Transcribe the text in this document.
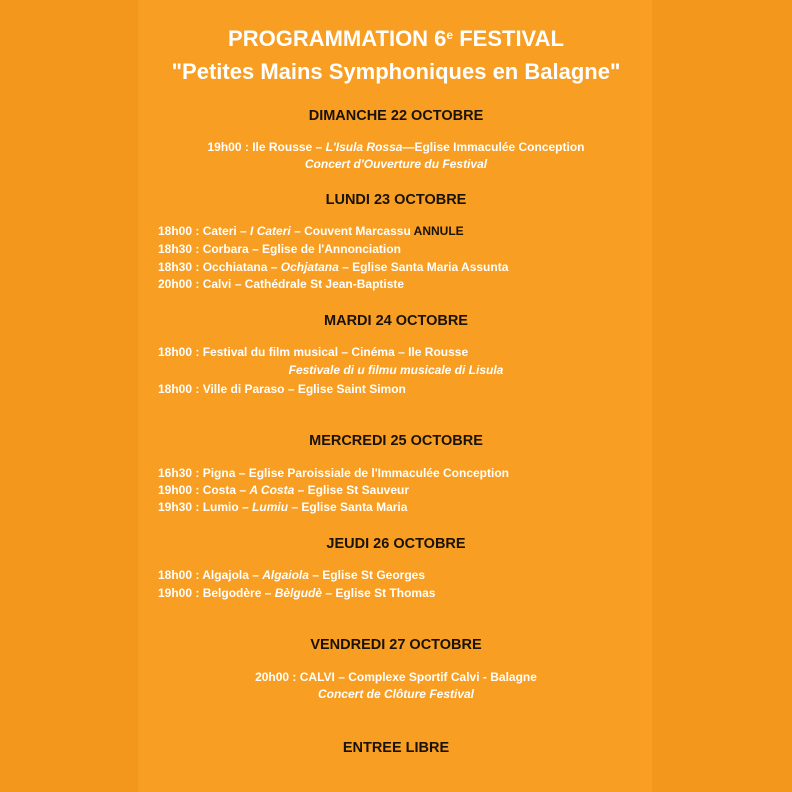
PROGRAMMATION 6e FESTIVAL
"Petites Mains Symphoniques en Balagne"
DIMANCHE 22 OCTOBRE
19h00 : Ile Rousse – L'Isula Rossa—Eglise Immaculée Conception
Concert d'Ouverture du Festival
LUNDI 23 OCTOBRE
18h00 : Cateri – I Cateri – Couvent Marcassu ANNULE
18h30 : Corbara – Eglise de l'Annonciation
18h30 : Occhiatana – Ochjatana – Eglise Santa Maria Assunta
20h00 : Calvi – Cathédrale St Jean-Baptiste
MARDI 24 OCTOBRE
18h00 : Festival du film musical – Cinéma – Ile Rousse
Festivale di u filmu musicale di Lisula
18h00 : Ville di Paraso – Eglise Saint Simon
MERCREDI 25 OCTOBRE
16h30 : Pigna – Eglise Paroissiale de l'Immaculée Conception
19h00 : Costa – A Costa – Eglise St Sauveur
19h30 : Lumio – Lumiu – Eglise Santa Maria
JEUDI 26 OCTOBRE
18h00 : Algajola – Algaiola – Eglise St Georges
19h00 : Belgodère – Bèlgudè – Eglise St Thomas
VENDREDI 27 OCTOBRE
20h00 : CALVI – Complexe Sportif Calvi - Balagne
Concert de Clôture Festival
ENTREE LIBRE
